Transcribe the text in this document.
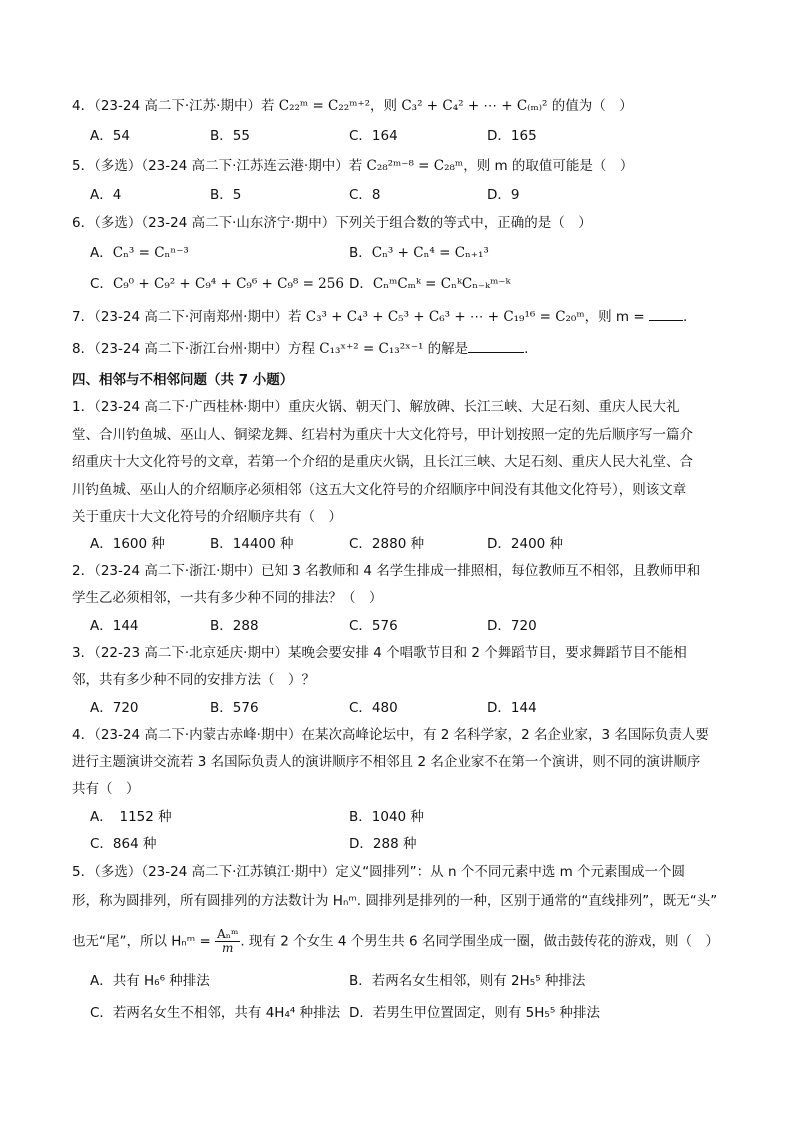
4．（23-24 高二下·江苏·期中）若 C₂₂ᵐ = C₂₂ᵐ⁺²，则 C₃² + C₄² + ⋯ + C₍ₘ₎² 的值为（　）
A．54	B．55	C．164	D．165
5．（多选）（23-24 高二下·江苏连云港·期中）若 C₂₈²ᵐ⁻⁸ = C₂₈ᵐ，则 m 的取值可能是（　）
A．4	B．5	C．8	D．9
6．（多选）（23-24 高二下·山东济宁·期中）下列关于组合数的等式中，正确的是（　）
A．Cₙ³ = Cₙⁿ⁻³	B．Cₙ³ + Cₙ⁴ = Cₙ₊₁³
C．C₉⁰ + C₉² + C₉⁴ + C₉⁶ + C₉⁸ = 256 D．CₙᵐCₘᵏ = CₙᵏCₙ₋ₖᵐ⁻ᵏ
7．（23-24 高二下·河南郑州·期中）若 C₃³ + C₄³ + C₅³ + C₆³ + ⋯ + C₁₉¹⁶ = C₂₀ᵐ，则 m =	.
8．（23-24 高二下·浙江台州·期中）方程 C₁₃ˣ⁺² = C₁₃²ˣ⁻¹ 的解是	.
四、相邻与不相邻问题（共 7 小题）
1．（23-24 高二下·广西桂林·期中）重庆火锅、朝天门、解放碑、长江三峡、大足石刻、重庆人民大礼
堂、合川钓鱼城、巫山人、铜梁龙舞、红岩村为重庆十大文化符号，甲计划按照一定的先后顺序写一篇介
绍重庆十大文化符号的文章，若第一个介绍的是重庆火锅，且长江三峡、大足石刻、重庆人民大礼堂、合
川钓鱼城、巫山人的介绍顺序必须相邻（这五大文化符号的介绍顺序中间没有其他文化符号），则该文章
关于重庆十大文化符号的介绍顺序共有（　）
A．1600 种	B．14400 种	C．2880 种	D．2400 种
2．（23-24 高二下·浙江·期中）已知 3 名教师和 4 名学生排成一排照相，每位教师互不相邻，且教师甲和
学生乙必须相邻，一共有多少种不同的排法？（　）
A．144	B．288	C．576	D．720
3．（22-23 高二下·北京延庆·期中）某晚会要安排 4 个唱歌节目和 2 个舞蹈节目，要求舞蹈节目不能相
邻，共有多少种不同的安排方法（　）？
A．720	B．576	C．480	D．144
4．（23-24 高二下·内蒙古赤峰·期中）在某次高峰论坛中，有 2 名科学家，2 名企业家，3 名国际负责人要
进行主题演讲交流若 3 名国际负责人的演讲顺序不相邻且 2 名企业家不在第一个演讲，则不同的演讲顺序
共有（　）
A．　1152 种	B．1040 种
C．864 种	D．288 种
5．（多选）（23-24 高二下·江苏镇江·期中）定义“圆排列”：从 n 个不同元素中选 m 个元素围成一个圆
形，称为圆排列，所有圆排列的方法数计为 Hₙᵐ. 圆排列是排列的一种，区别于通常的“直线排列”，既无“头”
也无“尾”，所以 Hₙᵐ = $\frac{\text{Aₙᵐ}}{m}$ . 现有 2 个女生 4 个男生共 6 名同学围坐成一圈，做击鼓传花的游戏，则（　）
A．共有 H₆⁶ 种排法	B．若两名女生相邻，则有 2H₅⁵ 种排法
C．若两名女生不相邻，共有 4H₄⁴ 种排法 D．若男生甲位置固定，则有 5H₅⁵ 种排法
